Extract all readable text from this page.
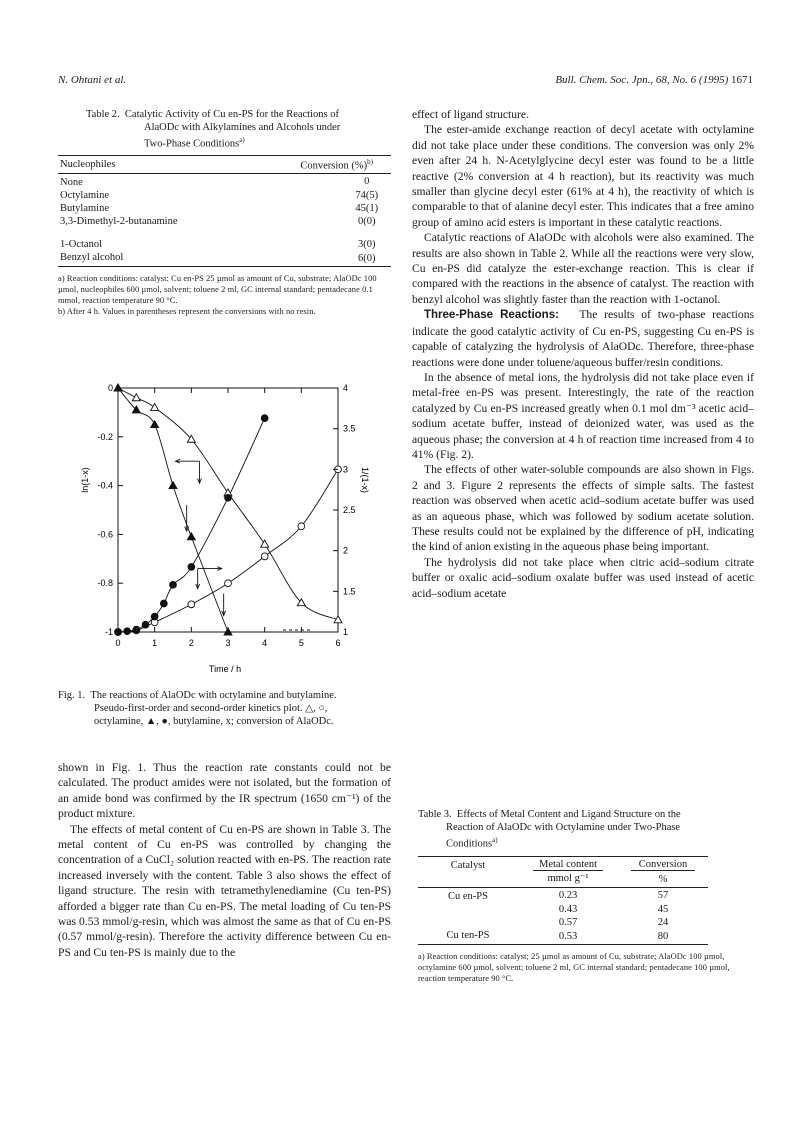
N. Ohtani et al.	Bull. Chem. Soc. Jpn., 68, No. 6 (1995) 1671
Table 2. Catalytic Activity of Cu en-PS for the Reactions of AlaODc with Alkylamines and Alcohols under Two-Phase Conditions$^{a)}$
Nucleophiles	Conversion (%)$^{b)}$
None	0
Octylamine	74(5)
Butylamine	45(1)
3,3-Dimethyl-2-butanamine	0(0)

1-Octanol	3(0)
Benzyl alcohol	6(0)
a) Reaction conditions: catalyst: Cu en-PS 25 µmol as amount of Cu, substrate; AlaODc 100 µmol, nucleophiles 600 µmol, solvent; toluene 2 ml, GC internal standard; pentadecane 0.1 mmol, reaction temperature 90 °C.
b) After 4 h. Values in parentheses represent the conversions with no resin.
0	1	2	3	4	5	6
0
-0.2
-0.4
-0.6
-0.8
-1
4
3.5
3
2.5
2
1.5
1
ln(1-x)	1/(1-x)
Time / h
Fig. 1. The reactions of AlaODc with octylamine and butylamine. Pseudo-first-order and second-order kinetics plot. △, ○, octylamine, ▲, ●, butylamine, x; conversion of AlaODc.

shown in Fig. 1. Thus the reaction rate constants could not be calculated. The product amides were not isolated, but the formation of an amide bond was confirmed by the IR spectrum (1650 cm⁻¹) of the product mixture.

The effects of metal content of Cu en-PS are shown in Table 3. The metal content of Cu en-PS was controlled by changing the concentration of a CuCl₂ solution reacted with en-PS. The reaction rate increased inversely with the content. Table 3 also shows the effect of ligand structure. The resin with tetramethylenediamine (Cu ten-PS) afforded a bigger rate than Cu en-PS. The metal loading of Cu ten-PS was 0.53 mmol/g-resin, which was almost the same as that of Cu en-PS (0.57 mmol/g-resin). Therefore the activity difference between Cu en-PS and Cu ten-PS is mainly due to the

effect of ligand structure.

The ester-amide exchange reaction of decyl acetate with octylamine did not take place under these conditions. The conversion was only 2% even after 24 h. N-Acetylglycine decyl ester was found to be a little reactive (2% conversion at 4 h reaction), but its reactivity was much smaller than glycine decyl ester (61% at 4 h), the reactivity of which is comparable to that of alanine decyl ester. This indicates that a free amino group of amino acid esters is important in these catalytic reactions.

Catalytic reactions of AlaODc with alcohols were also examined. The results are also shown in Table 2. While all the reactions were very slow, Cu en-PS did catalyze the ester-exchange reaction. This is clear if compared with the reactions in the absence of catalyst. The reaction with benzyl alcohol was slightly faster than the reaction with 1-octanol.

Three-Phase Reactions: The results of two-phase reactions indicate the good catalytic activity of Cu en-PS, suggesting Cu en-PS is capable of catalyzing the hydrolysis of AlaODc. Therefore, three-phase reactions were done under toluene/aqueous buffer/resin conditions.

In the absence of metal ions, the hydrolysis did not take place even if metal-free en-PS was present. Interestingly, the rate of the reaction catalyzed by Cu en-PS increased greatly when 0.1 mol dm⁻³ acetic acid–sodium acetate buffer, instead of deionized water, was used as the aqueous phase; the conversion at 4 h of reaction time increased from 4 to 41% (Fig. 2).

The effects of other water-soluble compounds are also shown in Figs. 2 and 3. Figure 2 represents the effects of simple salts. The fastest reaction was observed when acetic acid–sodium acetate buffer was used as an aqueous phase, which was followed by sodium acetate solution. These results could not be explained by the difference of pH, indicating the kind of anion existing in the aqueous phase being important.

The hydrolysis did not take place when citric acid–sodium citrate buffer or oxalic acid–sodium oxalate buffer was used instead of acetic acid–sodium acetate

Table 3. Effects of Metal Content and Ligand Structure on the Reaction of AlaODc with Octylamine under Two-Phase Conditions$^{a)}$
Catalyst	Metal content	Conversion
	mmol g⁻¹	%
Cu en-PS	0.23	57
	0.43	45
	0.57	24
Cu ten-PS	0.53	80
a) Reaction conditions: catalyst; 25 µmol as amount of Cu, substrate; AlaODc 100 µmol, octylamine 600 µmol, solvent; toluene 2 ml, GC internal standard; pentadecane 100 µmol, reaction temperature 90 °C.
